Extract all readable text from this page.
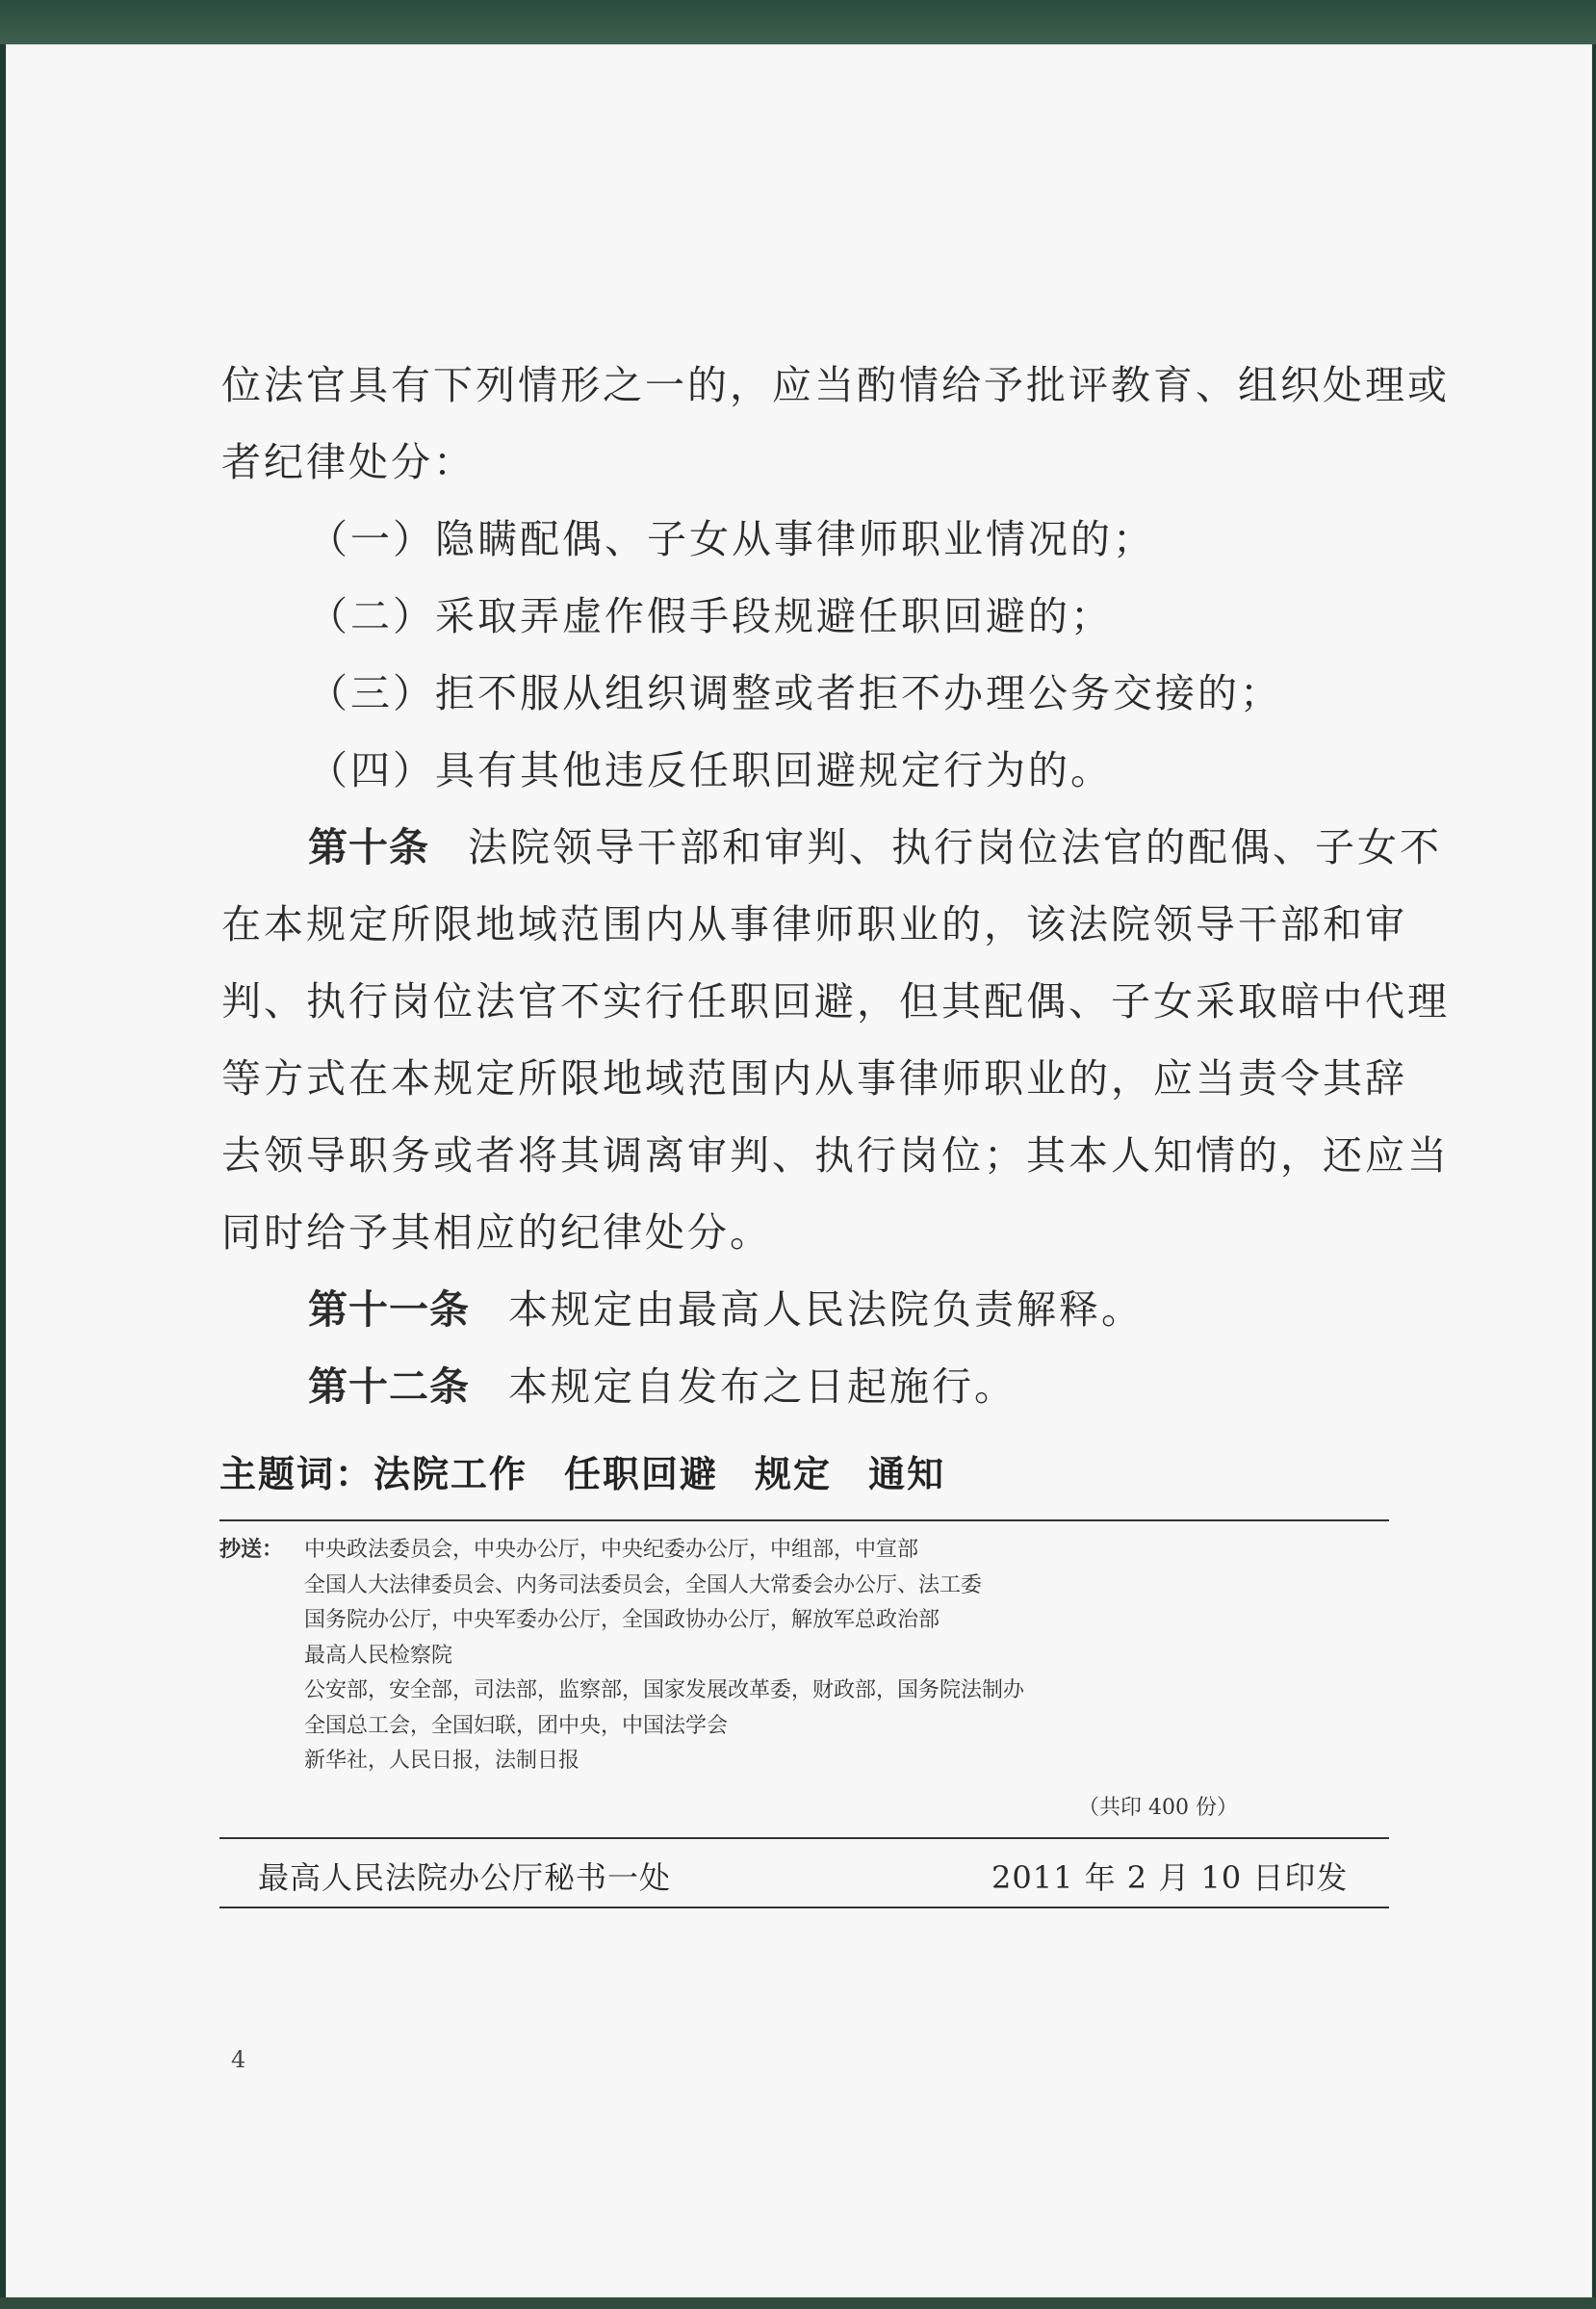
位法官具有下列情形之一的，应当酌情给予批评教育、组织处理或
者纪律处分：
（一）隐瞒配偶、子女从事律师职业情况的；
（二）采取弄虚作假手段规避任职回避的；
（三）拒不服从组织调整或者拒不办理公务交接的；
（四）具有其他违反任职回避规定行为的。
第十条 法院领导干部和审判、执行岗位法官的配偶、子女不
在本规定所限地域范围内从事律师职业的，该法院领导干部和审
判、执行岗位法官不实行任职回避，但其配偶、子女采取暗中代理
等方式在本规定所限地域范围内从事律师职业的，应当责令其辞
去领导职务或者将其调离审判、执行岗位；其本人知情的，还应当
同时给予其相应的纪律处分。
第十一条 本规定由最高人民法院负责解释。
第十二条 本规定自发布之日起施行。
主题词：法院工作 任职回避 规定 通知
抄送： 中央政法委员会，中央办公厅，中央纪委办公厅，中组部，中宣部
全国人大法律委员会、内务司法委员会，全国人大常委会办公厅、法工委
国务院办公厅，中央军委办公厅，全国政协办公厅，解放军总政治部
最高人民检察院
公安部，安全部，司法部，监察部，国家发展改革委，财政部，国务院法制办
全国总工会，全国妇联，团中央，中国法学会
新华社，人民日报，法制日报
（共印 400 份）
最高人民法院办公厅秘书一处	2011 年 2 月 10 日印发
4
